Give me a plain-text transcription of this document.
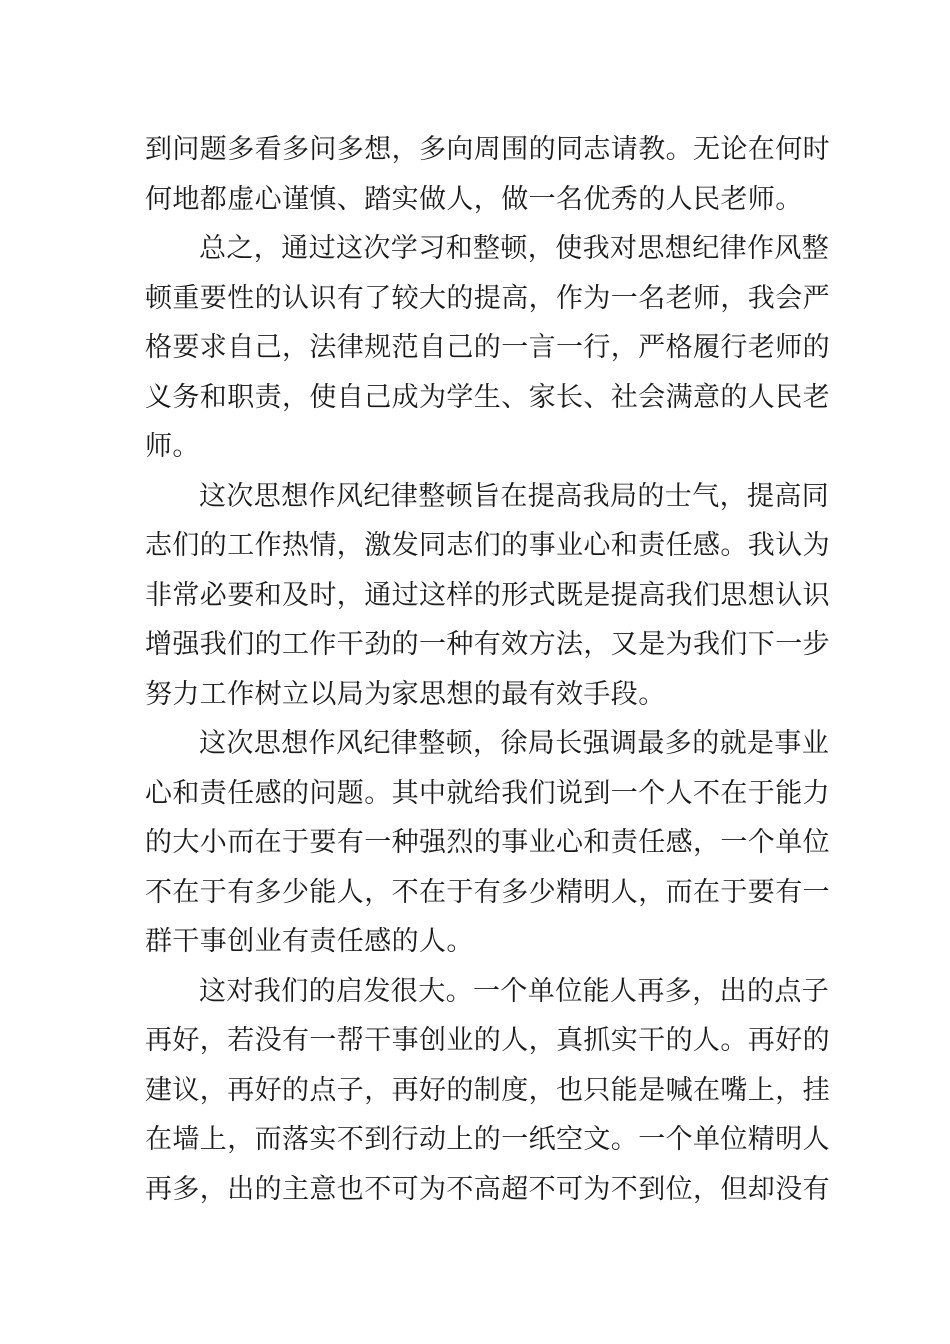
到问题多看多问多想，多向周围的同志请教。无论在何时
何地都虚心谨慎、踏实做人，做一名优秀的人民老师。
总之，通过这次学习和整顿，使我对思想纪律作风整
顿重要性的认识有了较大的提高，作为一名老师，我会严
格要求自己，法律规范自己的一言一行，严格履行老师的
义务和职责，使自己成为学生、家长、社会满意的人民老
师。
这次思想作风纪律整顿旨在提高我局的士气，提高同
志们的工作热情，激发同志们的事业心和责任感。我认为
非常必要和及时，通过这样的形式既是提高我们思想认识
增强我们的工作干劲的一种有效方法，又是为我们下一步
努力工作树立以局为家思想的最有效手段。
这次思想作风纪律整顿，徐局长强调最多的就是事业
心和责任感的问题。其中就给我们说到一个人不在于能力
的大小而在于要有一种强烈的事业心和责任感，一个单位
不在于有多少能人，不在于有多少精明人，而在于要有一
群干事创业有责任感的人。
这对我们的启发很大。一个单位能人再多，出的点子
再好，若没有一帮干事创业的人，真抓实干的人。再好的
建议，再好的点子，再好的制度，也只能是喊在嘴上，挂
在墙上，而落实不到行动上的一纸空文。一个单位精明人
再多，出的主意也不可为不高超不可为不到位，但却没有
